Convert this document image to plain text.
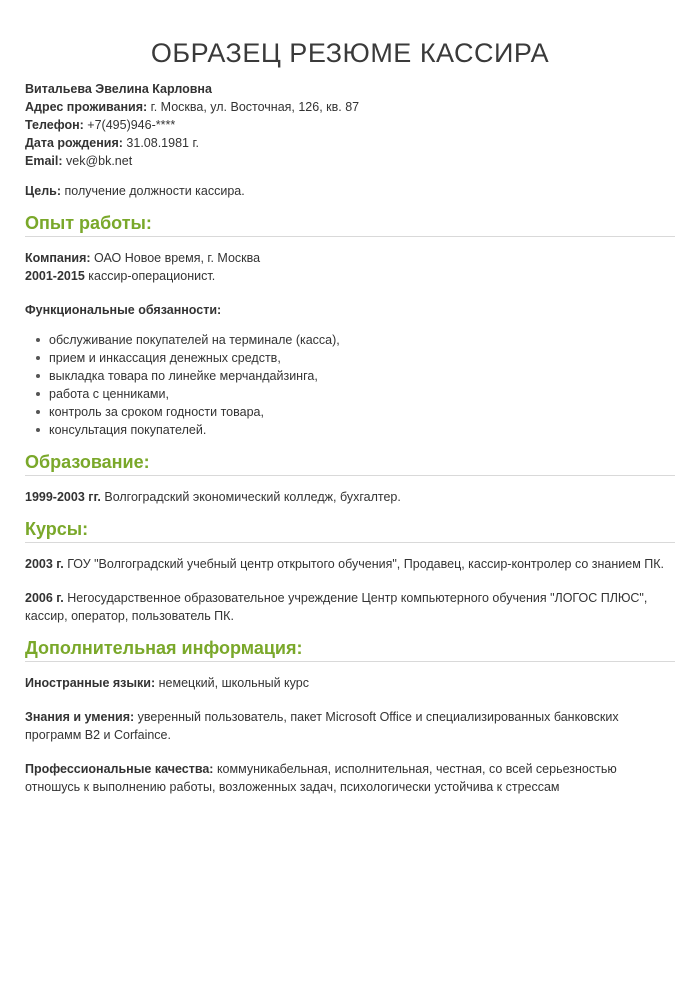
ОБРАЗЕЦ РЕЗЮМЕ КАССИРА

Витальева Эвелина Карловна

Адрес проживания: г. Москва, ул. Восточная, 126, кв. 87

Телефон: +7(495)946-****

Дата рождения: 31.08.1981 г.

Email: vek@bk.net

Цель: получение должности кассира.

Опыт работы:

Компания: ОАО Новое время, г. Москва

2001-2015 кассир-операционист.

Функциональные обязанности:

обслуживание покупателей на терминале (касса),
прием и инкассация денежных средств,
выкладка товара по линейке мерчандайзинга,
работа с ценниками,
контроль за сроком годности товара,
консультация покупателей.
Образование:

1999-2003 гг. Волгоградский экономический колледж, бухгалтер.

Курсы:

2003 г. ГОУ "Волгоградский учебный центр открытого обучения", Продавец, кассир-контролер со знанием ПК.

2006 г. Негосударственное образовательное учреждение Центр компьютерного обучения "ЛОГОС ПЛЮС", кассир, оператор, пользователь ПК.

Дополнительная информация:

Иностранные языки: немецкий, школьный курс

Знания и умения: уверенный пользователь, пакет Microsoft Office и специализированных банковских программ В2 и Corfaince.

Профессиональные качества: коммуникабельная, исполнительная, честная, со всей серьезностью отношусь к выполнению работы, возложенных задач, психологически устойчива к стрессам
